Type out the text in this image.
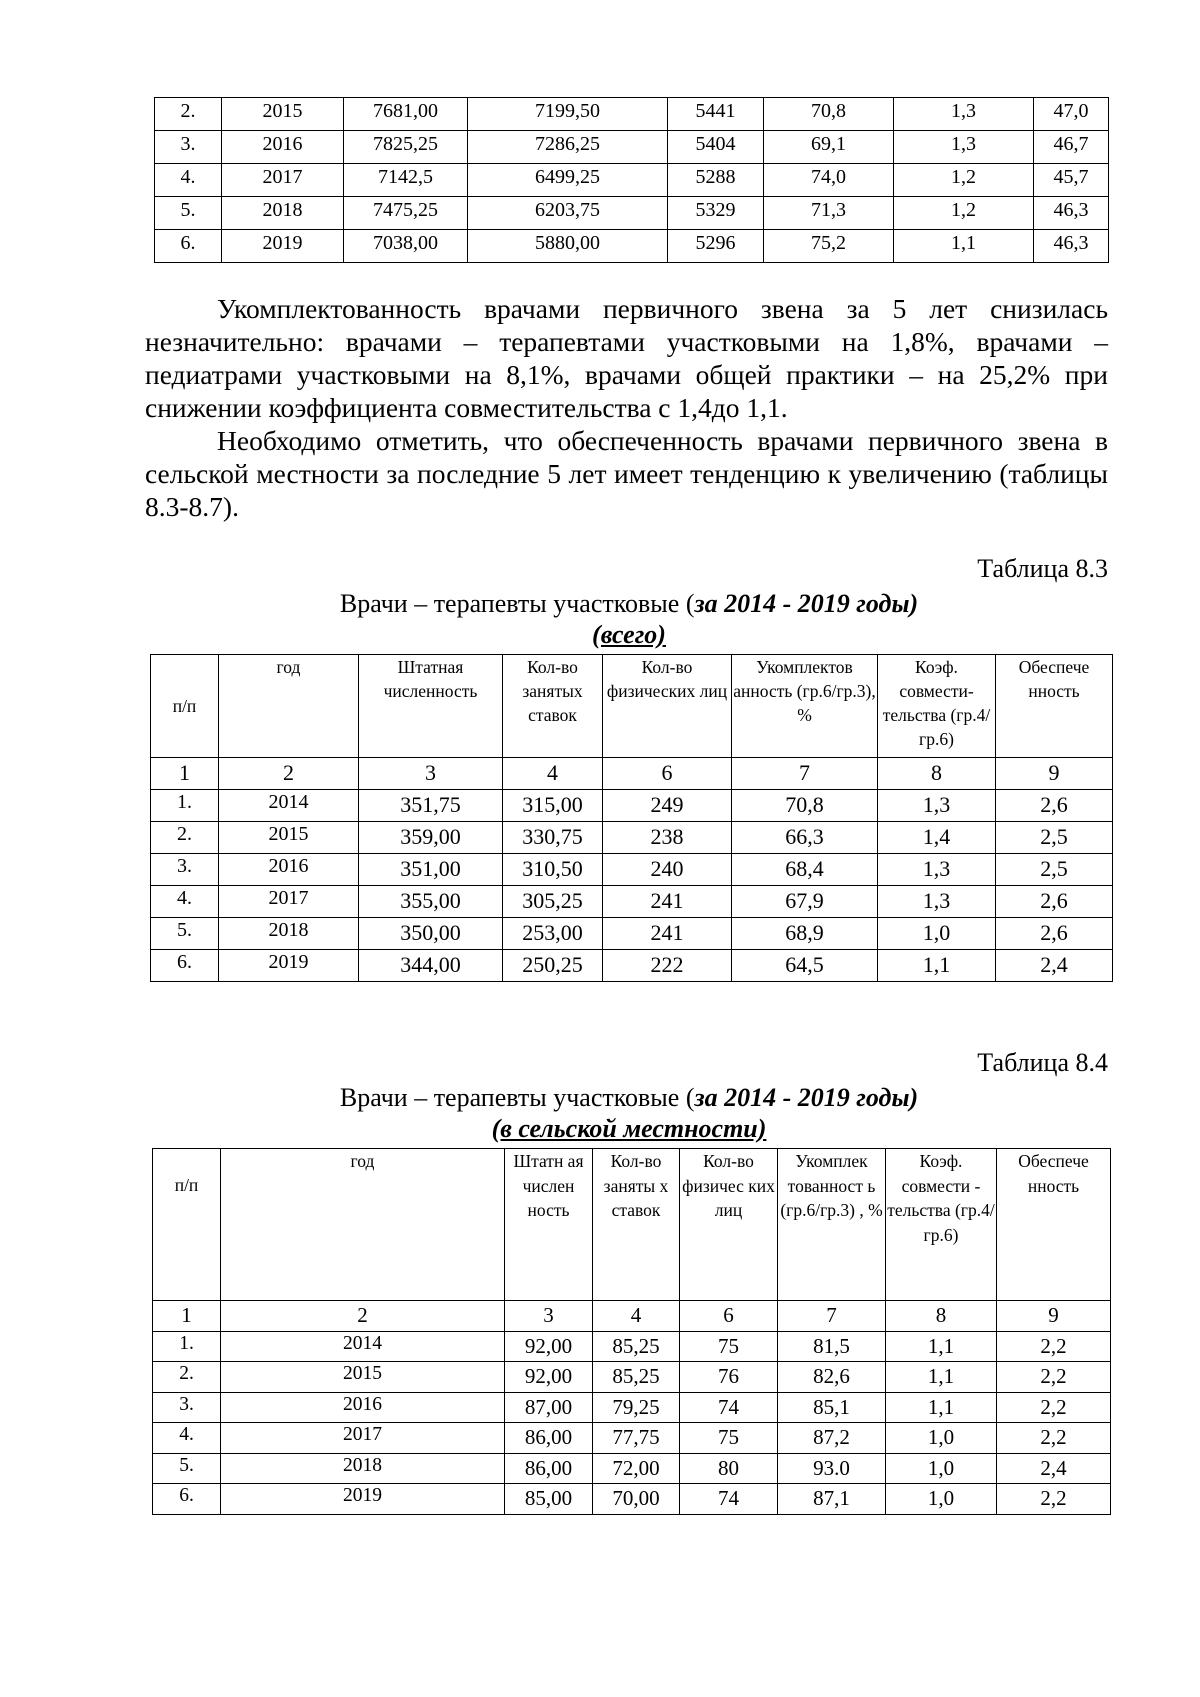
2.	2015	7681,00	7199,50	5441	70,8	1,3	47,0
3.	2016	7825,25	7286,25	5404	69,1	1,3	46,7
4.	2017	7142,5	6499,25	5288	74,0	1,2	45,7
5.	2018	7475,25	6203,75	5329	71,3	1,2	46,3
6.	2019	7038,00	5880,00	5296	75,2	1,1	46,3

Укомплектованность врачами первичного звена за 5 лет снизилась незначительно: врачами – терапевтами участковыми на 1,8%, врачами – педиатрами участковыми на 8,1%, врачами общей практики – на 25,2% при снижении коэффициента совместительства с 1,4до 1,1.

Необходимо отметить, что обеспеченность врачами первичного звена в сельской местности за последние 5 лет имеет тенденцию к увеличению (таблицы 8.3-8.7).

Таблица 8.3

Врачи – терапевты участковые (за 2014 - 2019 годы)
(всего)

п/п	год	Штатная численность	Кол-во занятых ставок	Кол-во физических лиц	Укомплектов анность (гр.6/гр.3), %	Коэф. совмести- тельства (гр.4/гр.6)	Обеспече нность
1	2	3	4	6	7	8	9
1.	2014	351,75	315,00	249	70,8	1,3	2,6
2.	2015	359,00	330,75	238	66,3	1,4	2,5
3.	2016	351,00	310,50	240	68,4	1,3	2,5
4.	2017	355,00	305,25	241	67,9	1,3	2,6
5.	2018	350,00	253,00	241	68,9	1,0	2,6
6.	2019	344,00	250,25	222	64,5	1,1	2,4

Таблица 8.4

Врачи – терапевты участковые (за 2014 - 2019 годы)
(в сельской местности)

п/п	год	Штатн ая числен ность	Кол-во заняты х ставок	Кол-во физичес ких лиц	Укомплек тованност ь (гр.6/гр.3) , %	Коэф. совмести - тельства (гр.4/гр.6)	Обеспече нность
1	2	3	4	6	7	8	9
1.	2014	92,00	85,25	75	81,5	1,1	2,2
2.	2015	92,00	85,25	76	82,6	1,1	2,2
3.	2016	87,00	79,25	74	85,1	1,1	2,2
4.	2017	86,00	77,75	75	87,2	1,0	2,2
5.	2018	86,00	72,00	80	93.0	1,0	2,4
6.	2019	85,00	70,00	74	87,1	1,0	2,2
